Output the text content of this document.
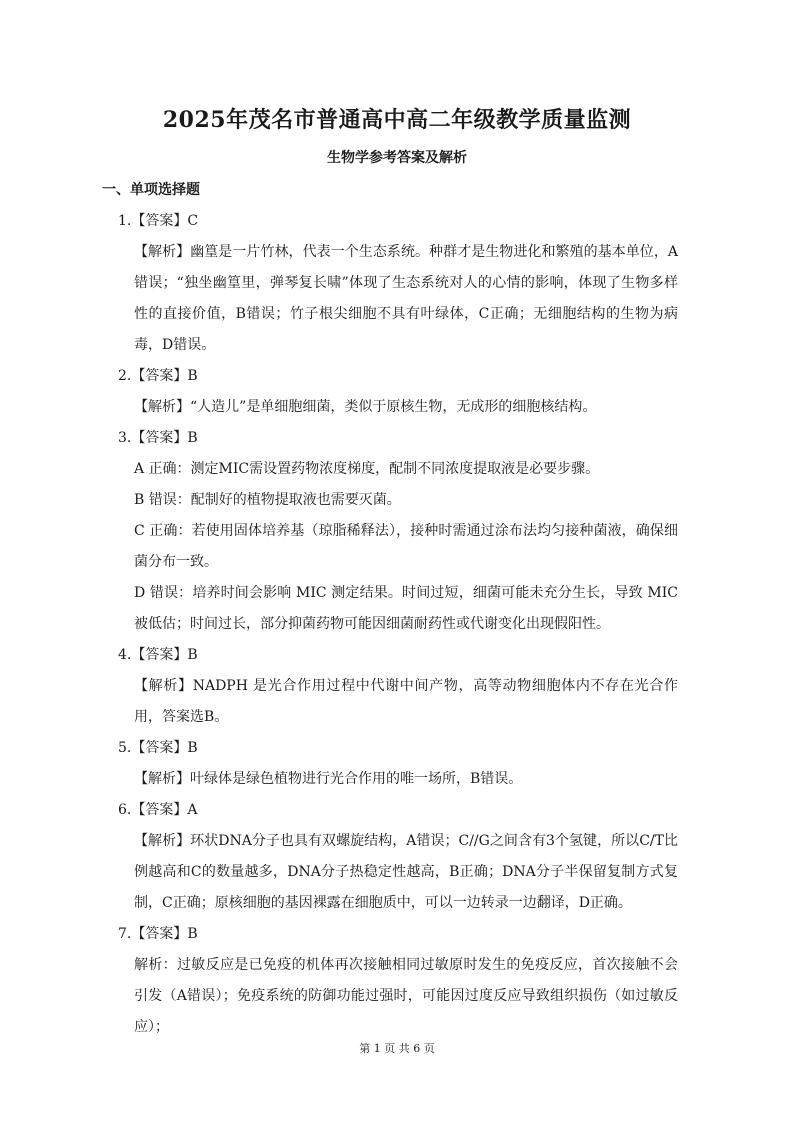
2025年茂名市普通高中高二年级教学质量监测
生物学参考答案及解析
一、单项选择题
1.【答案】C
【解析】幽篁是一片竹林，代表一个生态系统。种群才是生物进化和繁殖的基本单位，A错误；“独坐幽篁里，弹琴复长啸”体现了生态系统对人的心情的影响，体现了生物多样性的直接价值，B错误；竹子根尖细胞不具有叶绿体，C正确；无细胞结构的生物为病毒，D错误。
2.【答案】B
【解析】“人造儿”是单细胞细菌，类似于原核生物，无成形的细胞核结构。
3.【答案】B
A 正确：测定MIC需设置药物浓度梯度，配制不同浓度提取液是必要步骤。
B 错误：配制好的植物提取液也需要灭菌。
C 正确：若使用固体培养基（琼脂稀释法），接种时需通过涂布法均匀接种菌液，确保细菌分布一致。
D 错误：培养时间会影响 MIC 测定结果。时间过短，细菌可能未充分生长，导致 MIC 被低估；时间过长，部分抑菌药物可能因细菌耐药性或代谢变化出现假阳性。
4.【答案】B
【解析】NADPH 是光合作用过程中代谢中间产物，高等动物细胞体内不存在光合作用，答案选B。
5.【答案】B
【解析】叶绿体是绿色植物进行光合作用的唯一场所，B错误。
6.【答案】A
【解析】环状DNA分子也具有双螺旋结构，A错误；C//G之间含有3个氢键，所以C/T比例越高和C的数量越多，DNA分子热稳定性越高，B正确；DNA分子半保留复制方式复制，C正确；原核细胞的基因裸露在细胞质中，可以一边转录一边翻译，D正确。
7.【答案】B
解析：过敏反应是已免疫的机体再次接触相同过敏原时发生的免疫反应，首次接触不会引发（A错误）；免疫系统的防御功能过强时，可能因过度反应导致组织损伤（如过敏反应）；
第 1 页 共 6 页
